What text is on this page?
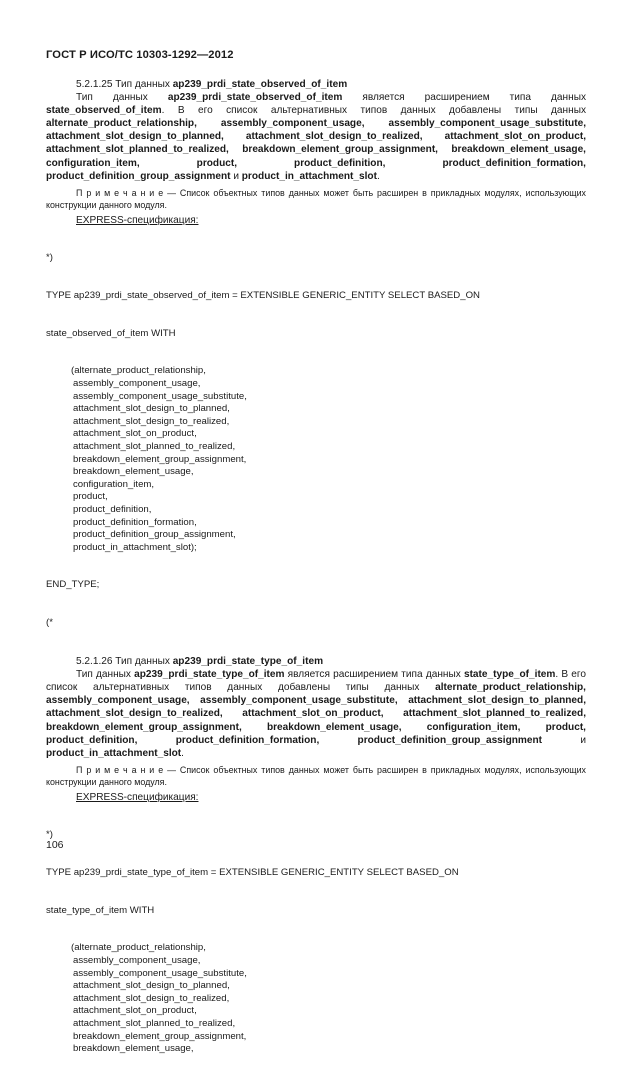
ГОСТ Р ИСО/ТС 10303-1292—2012

5.2.1.25 Тип данных ap239_prdi_state_observed_of_item

Тип данных ap239_prdi_state_observed_of_item является расширением типа данных state_observed_of_item. В его список альтернативных типов данных добавлены типы данных alternate_product_relationship, assembly_component_usage, assembly_component_usage_substitute, attachment_slot_design_to_planned, attachment_slot_design_to_realized, attachment_slot_on_product, attachment_slot_planned_to_realized, breakdown_element_group_assignment, breakdown_element_usage, configuration_item, product, product_definition, product_definition_formation, product_definition_group_assignment и product_in_attachment_slot.

П р и м е ч а н и е — Список объектных типов данных может быть расширен в прикладных модулях, использующих конструкции данного модуля.

EXPRESS-спецификация:

*)

TYPE ap239_prdi_state_observed_of_item = EXTENSIBLE GENERIC_ENTITY SELECT BASED_ON

state_observed_of_item WITH

(alternate_product_relationship,
assembly_component_usage,
assembly_component_usage_substitute,
attachment_slot_design_to_planned,
attachment_slot_design_to_realized,
attachment_slot_on_product,
attachment_slot_planned_to_realized,
breakdown_element_group_assignment,
breakdown_element_usage,
configuration_item,
product,
product_definition,
product_definition_formation,
product_definition_group_assignment,
product_in_attachment_slot);

END_TYPE;

(*

5.2.1.26 Тип данных ap239_prdi_state_type_of_item

Тип данных ap239_prdi_state_type_of_item является расширением типа данных state_type_of_item. В его список альтернативных типов данных добавлены типы данных alternate_product_relationship, assembly_component_usage, assembly_component_usage_substitute, attachment_slot_design_to_planned, attachment_slot_design_to_realized, attachment_slot_on_product, attachment_slot_planned_to_realized, breakdown_element_group_assignment, breakdown_element_usage, configuration_item, product, product_definition, product_definition_formation, product_definition_group_assignment и product_in_attachment_slot.

П р и м е ч а н и е — Список объектных типов данных может быть расширен в прикладных модулях, использующих конструкции данного модуля.

EXPRESS-спецификация:

*)

TYPE ap239_prdi_state_type_of_item = EXTENSIBLE GENERIC_ENTITY SELECT BASED_ON

state_type_of_item WITH

(alternate_product_relationship,
assembly_component_usage,
assembly_component_usage_substitute,
attachment_slot_design_to_planned,
attachment_slot_design_to_realized,
attachment_slot_on_product,
attachment_slot_planned_to_realized,
breakdown_element_group_assignment,
breakdown_element_usage,

106
